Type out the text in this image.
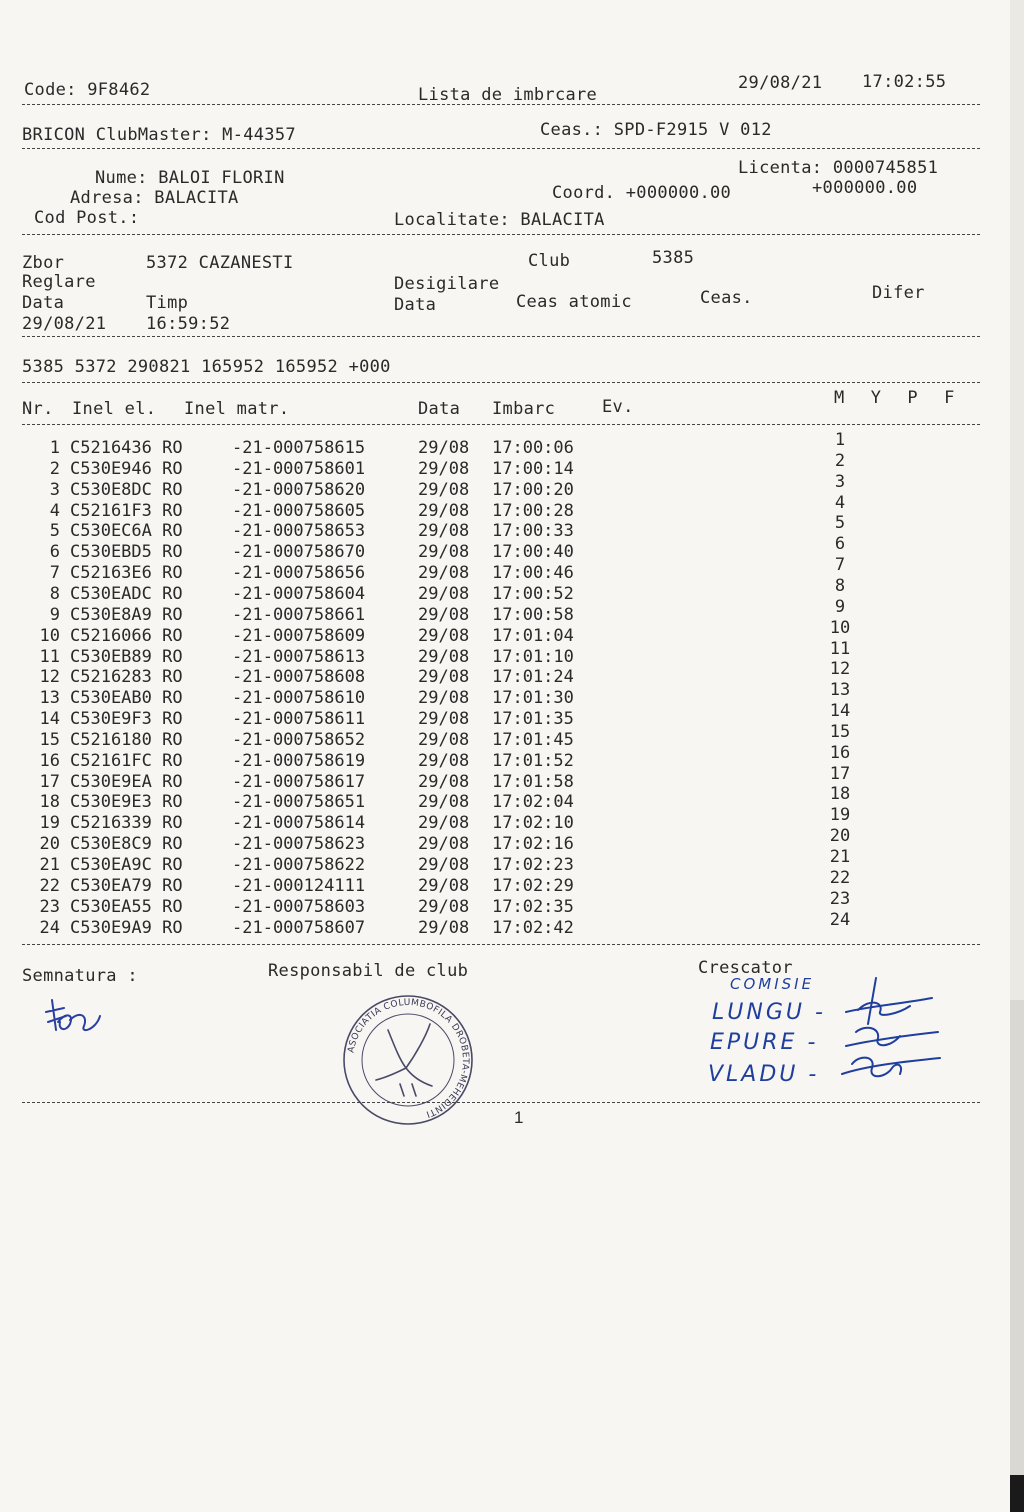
Code: 9F8462	Lista de imbrcare
29/08/21 17:02:55
BRICON ClubMaster: M-44357	Ceas.: SPD-F2915 V 012
Nume: BALOI FLORIN	Licenta: 0000745851
Adresa: BALACITA	Coord. +000000.00	+000000.00
Cod Post.:	Localitate: BALACITA
Zbor	5372 CAZANESTI	Club	5385
Reglare	Desigilare
Data	Timp	Data	Ceas atomic	Ceas.	Difer
29/08/21 16:59:52
5385 5372 290821 165952 165952 +000
Nr. Inel el. Inel matr.	Data Imbarc	Ev.	M  Y  P  F
1 C5216436 RO	-21-000758615	29/08 17:00:06	1
2 C530E946 RO	-21-000758601	29/08 17:00:14	2
3 C530E8DC RO	-21-000758620	29/08 17:00:20	3
4 C52161F3 RO	-21-000758605	29/08 17:00:28	4
5 C530EC6A RO	-21-000758653	29/08 17:00:33	5
6 C530EBD5 RO	-21-000758670	29/08 17:00:40	6
7 C52163E6 RO	-21-000758656	29/08 17:00:46	7
8 C530EADC RO	-21-000758604	29/08 17:00:52	8
9 C530E8A9 RO	-21-000758661	29/08 17:00:58	9
10 C5216066 RO	-21-000758609	29/08 17:01:04	10
11 C530EB89 RO	-21-000758613	29/08 17:01:10	11
12 C5216283 RO	-21-000758608	29/08 17:01:24	12
13 C530EAB0 RO	-21-000758610	29/08 17:01:30	13
14 C530E9F3 RO	-21-000758611	29/08 17:01:35	14
15 C5216180 RO	-21-000758652	29/08 17:01:45	15
16 C52161FC RO	-21-000758619	29/08 17:01:52	16
17 C530E9EA RO	-21-000758617	29/08 17:01:58	17
18 C530E9E3 RO	-21-000758651	29/08 17:02:04	18
19 C5216339 RO	-21-000758614	29/08 17:02:10	19
20 C530E8C9 RO	-21-000758623	29/08 17:02:16	20
21 C530EA9C RO	-21-000758622	29/08 17:02:23	21
22 C530EA79 RO	-21-000124111	29/08 17:02:29	22
23 C530EA55 RO	-21-000758603	29/08 17:02:35	23
24 C530E9A9 RO	-21-000758607	29/08 17:02:42	24
Semnatura :	Responsabil de club	Crescator
COMISIE
LUNGU -
EPURE -
VLADU -
ASOCIATIA COLUMBOFILA DROBETA-MEHEDINTI	1
